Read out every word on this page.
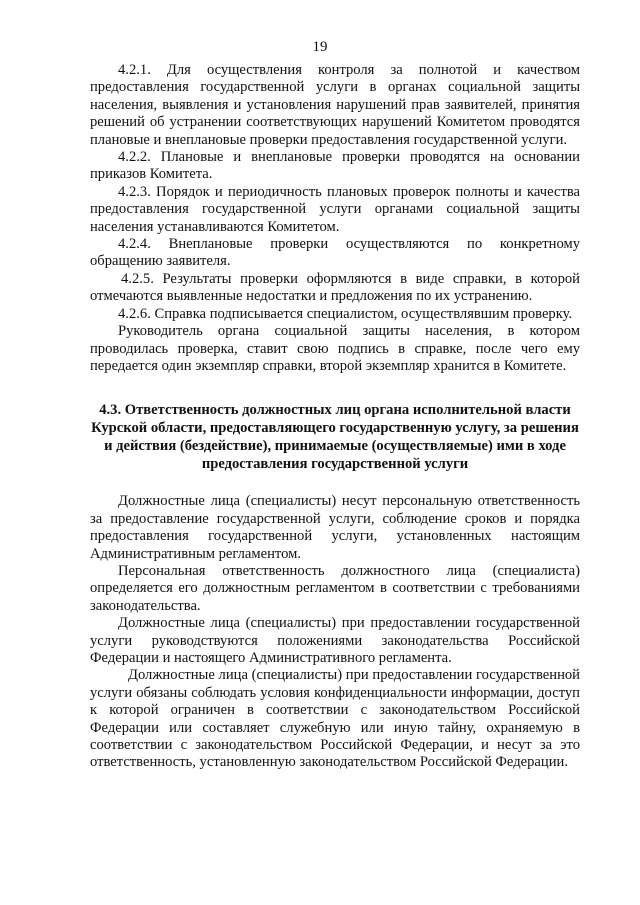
19

4.2.1. Для осуществления контроля за полнотой и качеством предоставления государственной услуги в органах социальной защиты населения, выявления и установления нарушений прав заявителей, принятия решений об устранении соответствующих нарушений Комитетом проводятся плановые и внеплановые проверки предоставления государственной услуги.

4.2.2. Плановые и внеплановые проверки проводятся на основании приказов Комитета.

4.2.3. Порядок и периодичность плановых проверок полноты и качества предоставления государственной услуги органами социальной защиты населения устанавливаются Комитетом.

4.2.4. Внеплановые проверки осуществляются по конкретному обращению заявителя.

4.2.5. Результаты проверки оформляются в виде справки, в которой отмечаются выявленные недостатки и предложения по их устранению.

4.2.6. Справка подписывается специалистом, осуществлявшим проверку.

Руководитель органа социальной защиты населения, в котором проводилась проверка, ставит свою подпись в справке, после чего ему передается один экземпляр справки, второй экземпляр хранится в Комитете.

4.3. Ответственность должностных лиц органа исполнительной власти Курской области, предоставляющего государственную услугу, за решения и действия (бездействие), принимаемые (осуществляемые) ими в ходе предоставления государственной услуги

Должностные лица (специалисты) несут персональную ответственность за предоставление государственной услуги, соблюдение сроков и порядка предоставления государственной услуги, установленных настоящим Административным регламентом.

Персональная ответственность должностного лица (специалиста) определяется его должностным регламентом в соответствии с требованиями законодательства.

Должностные лица (специалисты) при предоставлении государственной услуги руководствуются положениями законодательства Российской Федерации и настоящего Административного регламента.

Должностные лица (специалисты) при предоставлении государственной услуги обязаны соблюдать условия конфиденциальности информации, доступ к которой ограничен в соответствии с законодательством Российской Федерации или составляет служебную или иную тайну, охраняемую в соответствии с законодательством Российской Федерации, и несут за это ответственность, установленную законодательством Российской Федерации.
